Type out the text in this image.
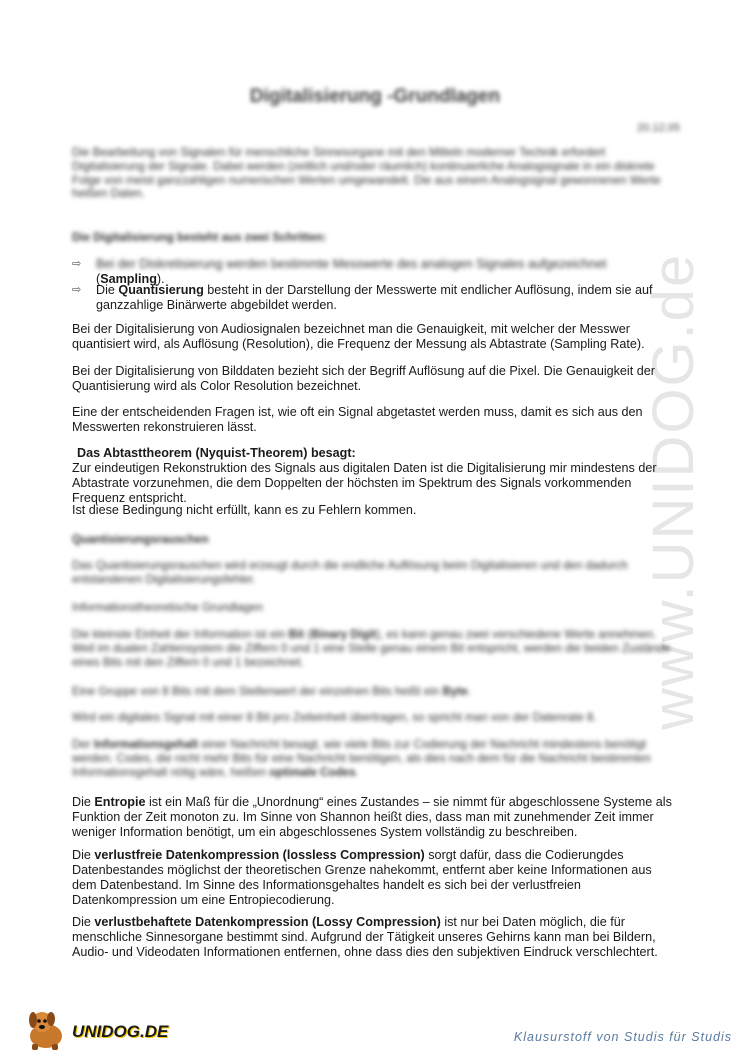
www.UNIDOG.de
Digitalisierung -Grundlagen
20.12.05

Die Bearbeitung von Signalen für menschliche Sinnesorgane mit den Mitteln moderner Technik erfordert Digitalisierung der Signale. Dabei werden (zeitlich und/oder räumlich) kontinuierliche Analogsignale in ein diskrete Folge von meist ganzzahligen numerischen Werten umgewandelt. Die aus einem Analogsignal gewonnenen Werte heißen Daten.

Die Digitalisierung besteht aus zwei Schritten:
⇨	Bei der Diskretisierung werden bestimmte Messwerte des analogen Signales aufgezeichnet
(Sampling).
⇨	Die Quantisierung besteht in der Darstellung der Messwerte mit endlicher Auflösung, indem sie auf ganzzahlige Binärwerte abgebildet werden.
Bei der Digitalisierung von Audiosignalen bezeichnet man die Genauigkeit, mit welcher der Messwer quantisiert wird, als Auflösung (Resolution), die Frequenz der Messung als Abtastrate (Sampling Rate).
Bei der Digitalisierung von Bilddaten bezieht sich der Begriff Auflösung auf die Pixel. Die Genauigkeit der Quantisierung wird als Color Resolution bezeichnet.
Eine der entscheidenden Fragen ist, wie oft ein Signal abgetastet werden muss, damit es sich aus den Messwerten rekonstruieren lässt.
Das Abtasttheorem (Nyquist-Theorem) besagt:
Zur eindeutigen Rekonstruktion des Signals aus digitalen Daten ist die Digitalisierung mir mindestens der Abtastrate vorzunehmen, die dem Doppelten der höchsten im Spektrum des Signals vorkommenden Frequenz entspricht.
Ist diese Bedingung nicht erfüllt, kann es zu Fehlern kommen.
Quantisierungsrauschen
Das Quantisierungsrauschen wird erzeugt durch die endliche Auflösung beim Digitalisieren und den dadurch entstandenen Digitalisierungsfehler.
Informationstheoretische Grundlagen
Die kleinste Einheit der Information ist ein Bit (Binary Digit), es kann genau zwei verschiedene Werte annehmen. Weil im dualen Zahlensystem die Ziffern 0 und 1 eine Stelle genau einem Bit entspricht, werden die beiden Zustände eines Bits mit den Ziffern 0 und 1 bezeichnet.
Eine Gruppe von 8 Bits mit dem Stellenwert der einzelnen Bits heißt ein Byte.
Wird ein digitales Signal mit einer 8 Bit pro Zeiteinheit übertragen, so spricht man von der Datenrate 8.
Der Informationsgehalt einer Nachricht besagt, wie viele Bits zur Codierung der Nachricht mindestens benötigt werden. Codes, die nicht mehr Bits für eine Nachricht benötigen, als dies nach dem für die Nachricht bestimmten Informationsgehalt nötig wäre, heißen optimale Codes.
Die Entropie ist ein Maß für die „Unordnung“ eines Zustandes – sie nimmt für abgeschlossene Systeme als Funktion der Zeit monoton zu. Im Sinne von Shannon heißt dies, dass man mit zunehmender Zeit immer weniger Information benötigt, um ein abgeschlossenes System vollständig zu beschreiben.
Die verlustfreie Datenkompression (lossless Compression) sorgt dafür, dass die Codierungdes Datenbestandes möglichst der theoretischen Grenze nahekommt, entfernt aber keine Informationen aus dem Datenbestand. Im Sinne des Informationsgehaltes handelt es sich bei der verlustfreien Datenkompression um eine Entropiecodierung.
Die verlustbehaftete Datenkompression (Lossy Compression) ist nur bei Daten möglich, die für menschliche Sinnesorgane bestimmt sind. Aufgrund der Tätigkeit unseres Gehirns kann man bei Bildern, Audio- und Videodaten Informationen entfernen, ohne dass dies den subjektiven Eindruck verschlechtert.
UNIDOG.DE	Klausurstoff von Studis für Studis
